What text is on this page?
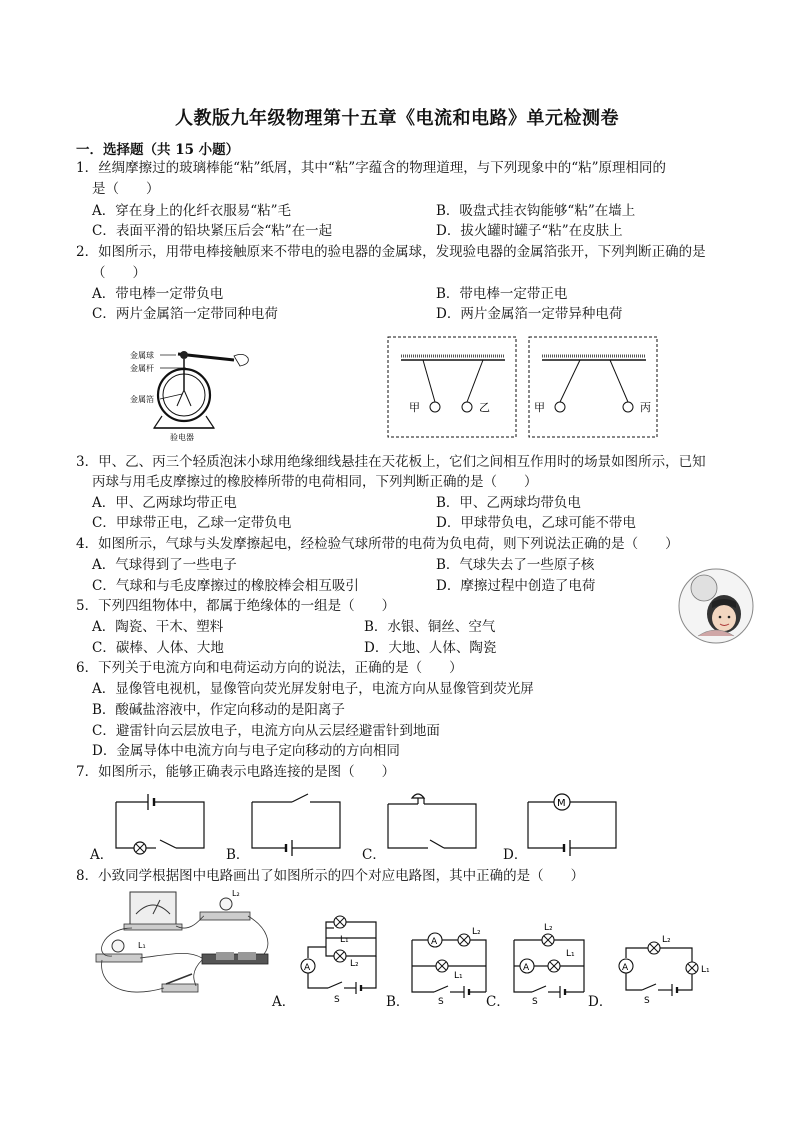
人教版九年级物理第十五章《电流和电路》单元检测卷
一．选择题（共 15 小题）
1．丝绸摩擦过的玻璃棒能“粘”纸屑，其中“粘”字蕴含的物理道理，与下列现象中的“粘”原理相同的
是（　　）
A．穿在身上的化纤衣服易“粘”毛	B．吸盘式挂衣钩能够“粘”在墙上
C．表面平滑的铅块紧压后会“粘”在一起	D．拔火罐时罐子“粘”在皮肤上
2．如图所示，用带电棒接触原来不带电的验电器的金属球，发现验电器的金属箔张开，下列判断正确的是
（　　）
A．带电棒一定带负电	B．带电棒一定带正电
C．两片金属箔一定带同种电荷	D．两片金属箔一定带异种电荷
金属球
金属杆
金属箔
验电器
甲	乙	甲	丙
3．甲、乙、丙三个轻质泡沫小球用绝缘细线悬挂在天花板上，它们之间相互作用时的场景如图所示，已知
丙球与用毛皮摩擦过的橡胶棒所带的电荷相同，下列判断正确的是（　　）
A．甲、乙两球均带正电	B．甲、乙两球均带负电
C．甲球带正电，乙球一定带负电	D．甲球带负电，乙球可能不带电
4．如图所示，气球与头发摩擦起电，经检验气球所带的电荷为负电荷，则下列说法正确的是（　　）
A．气球得到了一些电子	B．气球失去了一些原子核
C．气球和与毛皮摩擦过的橡胶棒会相互吸引	D．摩擦过程中创造了电荷
5．下列四组物体中，都属于绝缘体的一组是（　　）
A．陶瓷、干木、塑料	B．水银、铜丝、空气
C．碳棒、人体、大地	D．大地、人体、陶瓷
6．下列关于电流方向和电荷运动方向的说法，正确的是（　　）
A．显像管电视机，显像管向荧光屏发射电子，电流方向从显像管到荧光屏
B．酸碱盐溶液中，作定向移动的是阳离子
C．避雷针向云层放电子，电流方向从云层经避雷针到地面
D．金属导体中电流方向与电子定向移动的方向相同
7．如图所示，能够正确表示电路连接的是图（　　）
A．	B．	C．	D．
M
8．小致同学根据图中电路画出了如图所示的四个对应电路图，其中正确的是（　　）
L₂
L₁
A．
L₁
L₂
A
S	B．
A
L₂
L₁
S	C．
L₂
A
L₁
S	D．
L₂
A	L₁
S
